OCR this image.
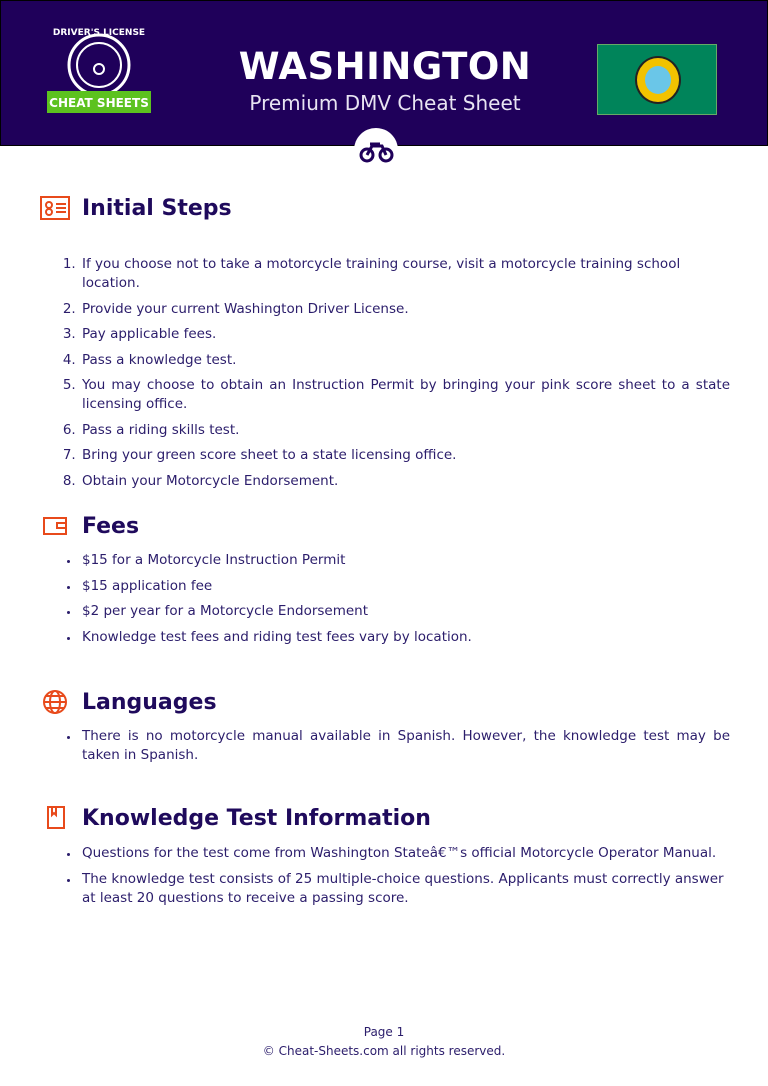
DRIVER'S LICENSE
CHEAT SHEETS
WASHINGTON
Premium DMV Cheat Sheet
Initial Steps
1. If you choose not to take a motorcycle training course, visit a motorcycle training school location.
2. Provide your current Washington Driver License.
3. Pay applicable fees.
4. Pass a knowledge test.
5. You may choose to obtain an Instruction Permit by bringing your pink score sheet to a state licensing office.
6. Pass a riding skills test.
7. Bring your green score sheet to a state licensing office.
8. Obtain your Motorcycle Endorsement.
Fees
• $15 for a Motorcycle Instruction Permit
• $15 application fee
• $2 per year for a Motorcycle Endorsement
• Knowledge test fees and riding test fees vary by location.
Languages
• There is no motorcycle manual available in Spanish. However, the knowledge test may be taken in Spanish.
Knowledge Test Information
• Questions for the test come from Washington Stateâ€™s official Motorcycle Operator Manual.
• The knowledge test consists of 25 multiple-choice questions. Applicants must correctly answer at least 20 questions to receive a passing score.
Page 1
© Cheat-Sheets.com all rights reserved.
